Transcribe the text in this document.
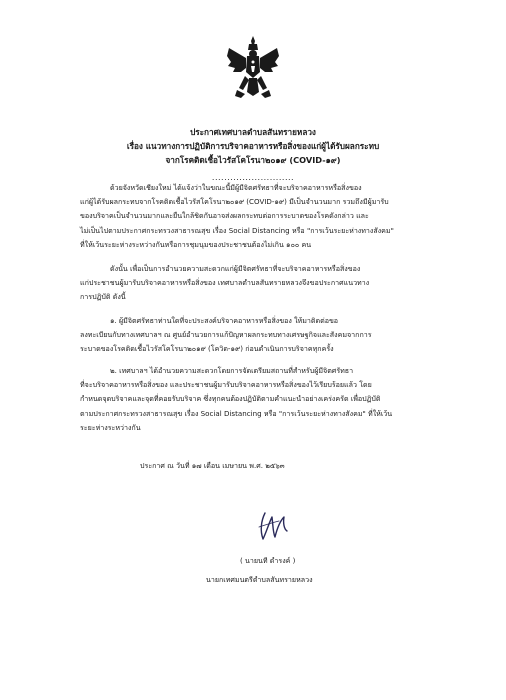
ประกาศเทศบาลตำบลสันทรายหลวง
เรื่อง แนวทางการปฏิบัติการบริจาคอาหารหรือสิ่งของแก่ผู้ได้รับผลกระทบ
จากโรคติดเชื้อไวรัสโคโรนา๒๐๑๙ (COVID-๑๙)
...........................
ด้วยจังหวัดเชียงใหม่ ได้แจ้งว่าในขณะนี้มีผู้มีจิตศรัทธาที่จะบริจาคอาหารหรือสิ่งของ
แก่ผู้ได้รับผลกระทบจากโรคติดเชื้อไวรัสโคโรนา๒๐๑๙ (COVID-๑๙) มีเป็นจำนวนมาก รวมถึงมีผู้มารับ
ของบริจาคเป็นจำนวนมากและยืนใกล้ชิดกันอาจส่งผลกระทบต่อการระบาดของโรคดังกล่าว และ
ไม่เป็นไปตามประกาศกระทรวงสาธารณสุข เรื่อง Social Distancing หรือ "การเว้นระยะห่างทางสังคม"
ที่ให้เว้นระยะห่างระหว่างกันหรือการชุมนุมของประชาชนต้องไม่เกิน ๑๐๐ คน
ดังนั้น เพื่อเป็นการอำนวยความสะดวกแก่ผู้มีจิตศรัทธาที่จะบริจาคอาหารหรือสิ่งของ
แก่ประชาชนผู้มารับบริจาคอาหารหรือสิ่งของ เทศบาลตำบลสันทรายหลวงจึงขอประกาศแนวทาง
การปฏิบัติ ดังนี้
๑. ผู้มีจิตศรัทธาท่านใดที่จะประสงค์บริจาคอาหารหรือสิ่งของ ให้มาติดต่อขอ
ลงทะเบียนกับทางเทศบาลฯ ณ ศูนย์อำนวยการแก้ปัญหาผลกระทบทางเศรษฐกิจและสังคมจากการ
ระบาดของโรคติดเชื้อไวรัสโคโรนา๒๐๑๙ (โควิด-๑๙) ก่อนดำเนินการบริจาคทุกครั้ง
๒. เทศบาลฯ ได้อำนวยความสะดวกโดยการจัดเตรียมสถานที่สำหรับผู้มีจิตศรัทธา
ที่จะบริจาคอาหารหรือสิ่งของ และประชาชนผู้มารับบริจาคอาหารหรือสิ่งของไว้เรียบร้อยแล้ว โดย
กำหนดจุดบริจาคและจุดที่คอยรับบริจาค ซึ่งทุกคนต้องปฏิบัติตามคำแนะนำอย่างเคร่งครัด เพื่อปฏิบัติ
ตามประกาศกระทรวงสาธารณสุข เรื่อง Social Distancing หรือ "การเว้นระยะห่างทางสังคม" ที่ให้เว้น
ระยะห่างระหว่างกัน
ประกาศ ณ วันที่ ๑๗ เดือน เมษายน พ.ศ. ๒๕๖๓
( นายนที ดำรงค์ )
นายกเทศมนตรีตำบลสันทรายหลวง
